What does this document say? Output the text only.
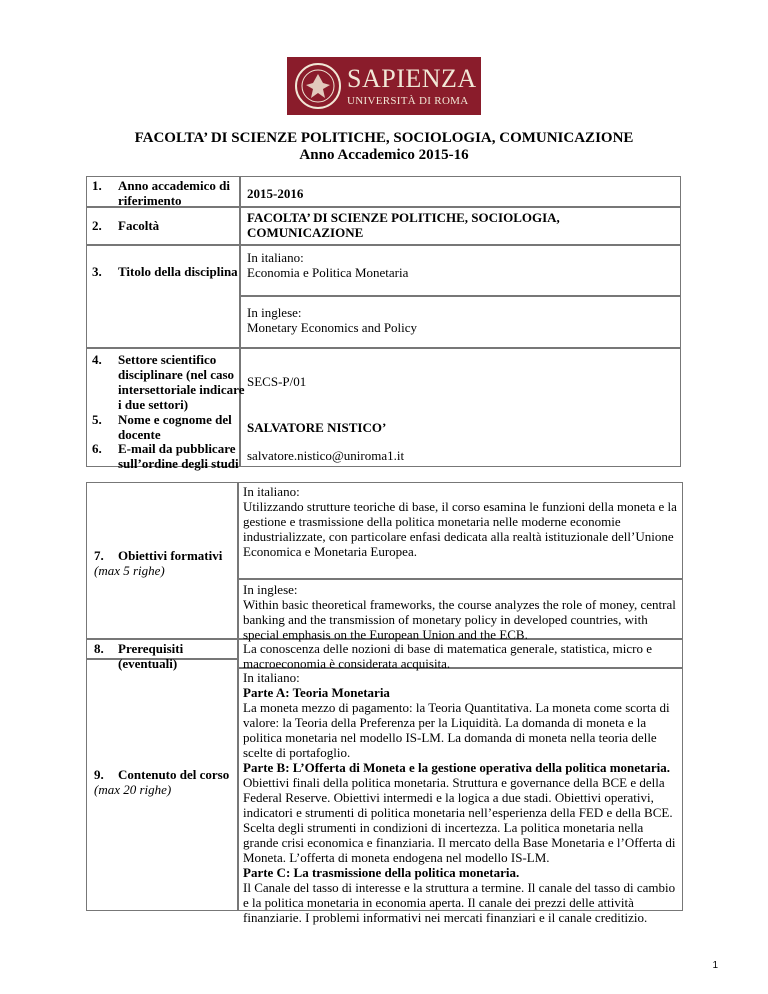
SAPIENZA
UNIVERSITÀ DI ROMA
FACOLTA’ DI SCIENZE POLITICHE, SOCIOLOGIA, COMUNICAZIONE
Anno Accademico 2015-16
1. Anno accademico di
riferimento	2015-2016
2. Facoltà
FACOLTA’ DI SCIENZE POLITICHE, SOCIOLOGIA,
COMUNICAZIONE
3. Titolo della disciplina
In italiano:
Economia e Politica Monetaria
In inglese:
Monetary Economics and Policy
4. Settore scientifico
disciplinare (nel caso
intersettoriale indicare
i due settori)
SECS-P/01
5. Nome e cognome del
docente	SALVATORE NISTICO’
6. E-mail da pubblicare
sull’ordine degli studi
salvatore.nistico@uniroma1.it
7. Obiettivi formativi
(max 5 righe)
In italiano:
Utilizzando strutture teoriche di base, il corso esamina le funzioni della moneta e la
gestione e trasmissione della politica monetaria nelle moderne economie
industrializzate, con particolare enfasi dedicata alla realtà istituzionale dell’Unione
Economica e Monetaria Europea.
In inglese:
Within basic theoretical frameworks, the course analyzes the role of money, central
banking and the transmission of monetary policy in developed countries, with
special emphasis on the European Union and the ECB.
8. Prerequisiti
(eventuali)
La conoscenza delle nozioni di base di matematica generale, statistica, micro e
macroeconomia è considerata acquisita.
9. Contenuto del corso
(max 20 righe)
In italiano:
Parte A: Teoria Monetaria
La moneta mezzo di pagamento: la Teoria Quantitativa. La moneta come scorta di
valore: la Teoria della Preferenza per la Liquidità. La domanda di moneta e la
politica monetaria nel modello IS-LM. La domanda di moneta nella teoria delle
scelte di portafoglio.
Parte B: L’Offerta di Moneta e la gestione operativa della politica monetaria.
Obiettivi finali della politica monetaria. Struttura e governance della BCE e della
Federal Reserve. Obiettivi intermedi e la logica a due stadi. Obiettivi operativi,
indicatori e strumenti di politica monetaria nell’esperienza della FED e della BCE.
Scelta degli strumenti in condizioni di incertezza. La politica monetaria nella
grande crisi economica e finanziaria. Il mercato della Base Monetaria e l’Offerta di
Moneta. L’offerta di moneta endogena nel modello IS-LM.
Parte C: La trasmissione della politica monetaria.
Il Canale del tasso di interesse e la struttura a termine. Il canale del tasso di cambio
e la politica monetaria in economia aperta. Il canale dei prezzi delle attività
finanziarie. I problemi informativi nei mercati finanziari e il canale creditizio.
1
